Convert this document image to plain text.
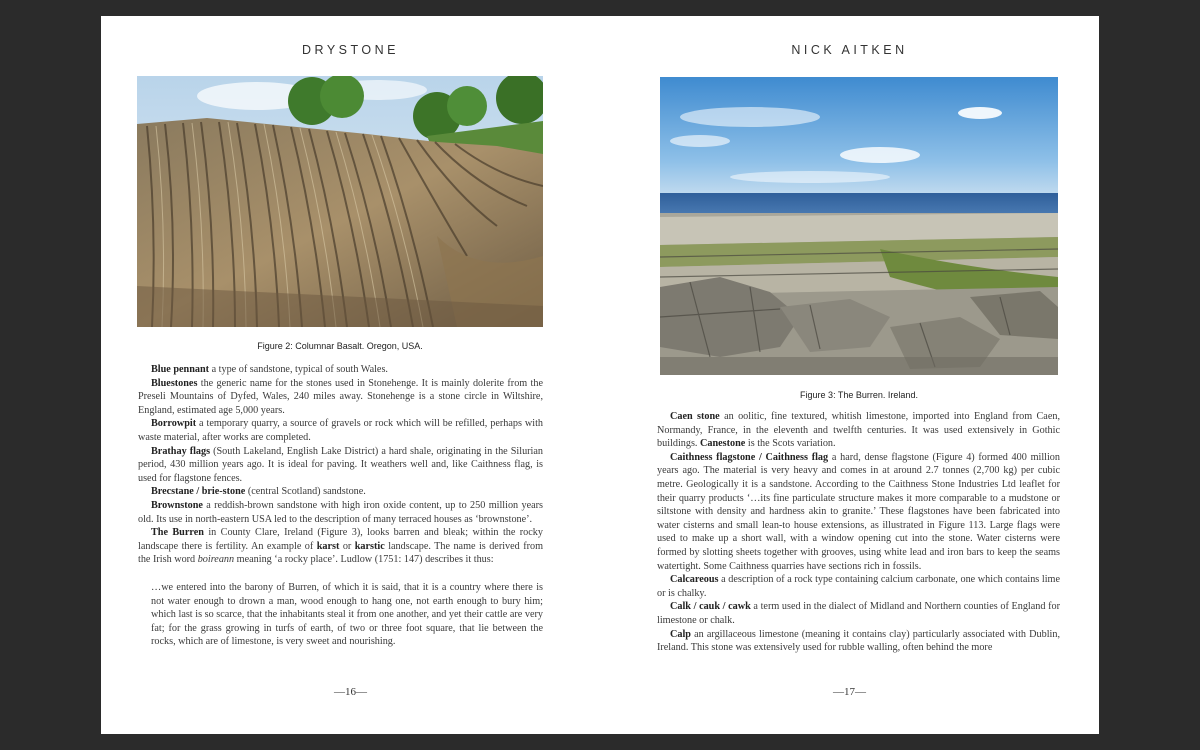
DRYSTONE
Figure 2: Columnar Basalt. Oregon, USA.

Blue pennant a type of sandstone, typical of south Wales.

Bluestones the generic name for the stones used in Stonehenge. It is mainly dolerite from the Preseli Mountains of Dyfed, Wales, 240 miles away. Stonehenge is a stone circle in Wiltshire, England, estimated age 5,000 years.

Borrowpit a temporary quarry, a source of gravels or rock which will be refilled, perhaps with waste material, after works are completed.

Brathay flags (South Lakeland, English Lake District) a hard shale, originating in the Silurian period, 430 million years ago. It is ideal for paving. It weathers well and, like Caithness flag, is used for flagstone fences.

Brecstane / brie-stone (central Scotland) sandstone.

Brownstone a reddish-brown sandstone with high iron oxide content, up to 250 million years old. Its use in north-eastern USA led to the description of many terraced houses as ‘brownstone’.

The Burren in County Clare, Ireland (Figure 3), looks barren and bleak; within the rocky landscape there is fertility. An example of karst or karstic landscape. The name is derived from the Irish word boireann meaning ‘a rocky place’. Ludlow (1751: 147) describes it thus:

…we entered into the barony of Burren, of which it is said, that it is a country where there is not water enough to drown a man, wood enough to hang one, not earth enough to bury him; which last is so scarce, that the inhabitants steal it from one another, and yet their cattle are very fat; for the grass growing in turfs of earth, of two or three foot square, that lie between the rocks, which are of limestone, is very sweet and nourishing.

—16—
NICK AITKEN
Figure 3: The Burren. Ireland.

Caen stone an oolitic, fine textured, whitish limestone, imported into England from Caen, Normandy, France, in the eleventh and twelfth centuries. It was used extensively in Gothic buildings. Canestone is the Scots variation.

Caithness flagstone / Caithness flag a hard, dense flagstone (Figure 4) formed 400 million years ago. The material is very heavy and comes in at around 2.7 tonnes (2,700 kg) per cubic metre. Geologically it is a sandstone. According to the Caithness Stone Industries Ltd leaflet for their quarry products ‘…its fine particulate structure makes it more comparable to a mudstone or siltstone with density and hardness akin to granite.’ These flagstones have been fabricated into water cisterns and small lean-to house extensions, as illustrated in Figure 113. Large flags were used to make up a short wall, with a window opening cut into the stone. Water cisterns were formed by slotting sheets together with grooves, using white lead and iron bars to keep the seams watertight. Some Caithness quarries have sections rich in fossils.

Calcareous a description of a rock type containing calcium carbonate, one which contains lime or is chalky.

Calk / cauk / cawk a term used in the dialect of Midland and Northern counties of England for limestone or chalk.

Calp an argillaceous limestone (meaning it contains clay) particularly associated with Dublin, Ireland. This stone was extensively used for rubble walling, often behind the more

—17—
